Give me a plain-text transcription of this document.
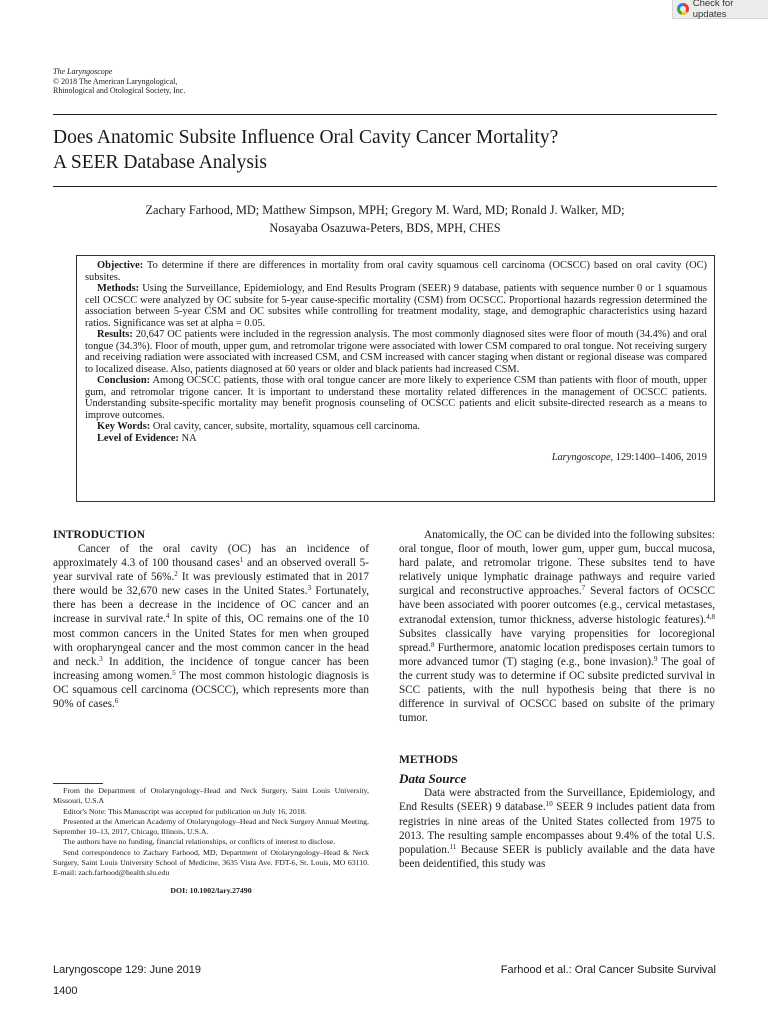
Check for updates
The Laryngoscope
© 2018 The American Laryngological,
Rhinological and Otological Society, Inc.
Does Anatomic Subsite Influence Oral Cavity Cancer Mortality?
A SEER Database Analysis
Zachary Farhood, MD; Matthew Simpson, MPH; Gregory M. Ward, MD; Ronald J. Walker, MD;
Nosayaba Osazuwa-Peters, BDS, MPH, CHES

Objective: To determine if there are differences in mortality from oral cavity squamous cell carcinoma (OCSCC) based on oral cavity (OC) subsites.

Methods: Using the Surveillance, Epidemiology, and End Results Program (SEER) 9 database, patients with sequence number 0 or 1 squamous cell OCSCC were analyzed by OC subsite for 5-year cause-specific mortality (CSM) from OCSCC. Proportional hazards regression determined the association between 5-year CSM and OC subsites while controlling for treatment modality, stage, and demographic characteristics using hazard ratios. Significance was set at alpha = 0.05.

Results: 20,647 OC patients were included in the regression analysis. The most commonly diagnosed sites were floor of mouth (34.4%) and oral tongue (34.3%). Floor of mouth, upper gum, and retromolar trigone were associated with lower CSM compared to oral tongue. Not receiving surgery and receiving radiation were associated with increased CSM, and CSM increased with cancer staging when distant or regional disease was compared to localized disease. Also, patients diagnosed at 60 years or older and black patients had increased CSM.

Conclusion: Among OCSCC patients, those with oral tongue cancer are more likely to experience CSM than patients with floor of mouth, upper gum, and retromolar trigone cancer. It is important to understand these mortality related differences in the management of OCSCC patients. Understanding subsite-specific mortality may benefit prognosis counseling of OCSCC patients and elicit subsite-directed research as a means to improve outcomes.

Key Words: Oral cavity, cancer, subsite, mortality, squamous cell carcinoma.

Level of Evidence: NA

Laryngoscope, 129:1400–1406, 2019

INTRODUCTION

Cancer of the oral cavity (OC) has an incidence of approximately 4.3 of 100 thousand cases$^1$ and an observed overall 5-year survival rate of 56%.$^2$ It was previously estimated that in 2017 there would be 32,670 new cases in the United States.$^3$ Fortunately, there has been a decrease in the incidence of OC cancer and an increase in survival rate.$^4$ In spite of this, OC remains one of the 10 most common cancers in the United States for men when grouped with oropharyngeal cancer and the most common cancer in the head and neck.$^3$ In addition, the incidence of tongue cancer has been increasing among women.$^5$ The most common histologic diagnosis is OC squamous cell carcinoma (OCSCC), which represents more than 90% of cases.$^6$

Anatomically, the OC can be divided into the following subsites: oral tongue, floor of mouth, lower gum, upper gum, buccal mucosa, hard palate, and retromolar trigone. These subsites tend to have relatively unique lymphatic drainage pathways and require varied surgical and reconstructive approaches.$^7$ Several factors of OCSCC have been associated with poorer outcomes (e.g., cervical metastases, extranodal extension, tumor thickness, adverse histologic features).$^{4,8}$ Subsites classically have varying propensities for locoregional spread.$^8$ Furthermore, anatomic location predisposes certain tumors to more advanced tumor (T) staging (e.g., bone invasion).$^9$ The goal of the current study was to determine if OC subsite predicted survival in SCC patients, with the null hypothesis being that there is no difference in survival of OCSCC based on subsite of the primary tumor.

METHODS
Data Source

Data were abstracted from the Surveillance, Epidemiology, and End Results (SEER) 9 database.$^{10}$ SEER 9 includes patient data from registries in nine areas of the United States collected from 1975 to 2013. The resulting sample encompasses about 9.4% of the total U.S. population.$^{11}$ Because SEER is publicly available and the data have been deidentified, this study was

From the Department of Otolaryngology–Head and Neck Surgery, Saint Louis University, Missouri, U.S.A

Editor's Note: This Manuscript was accepted for publication on July 16, 2018.

Presented at the American Academy of Otolaryngology–Head and Neck Surgery Annual Meeting, September 10–13, 2017, Chicago, Illinois, U.S.A.

The authors have no funding, financial relationships, or conflicts of interest to disclose.

Send correspondence to Zachary Farhood, MD, Department of Otolaryngology–Head & Neck Surgery, Saint Louis University School of Medicine, 3635 Vista Ave. FDT-6, St. Louis, MO 63110. E-mail: zach.farhood@health.slu.edu

DOI: 10.1002/lary.27490

Laryngoscope 129: June 2019	Farhood et al.: Oral Cancer Subsite Survival
1400
